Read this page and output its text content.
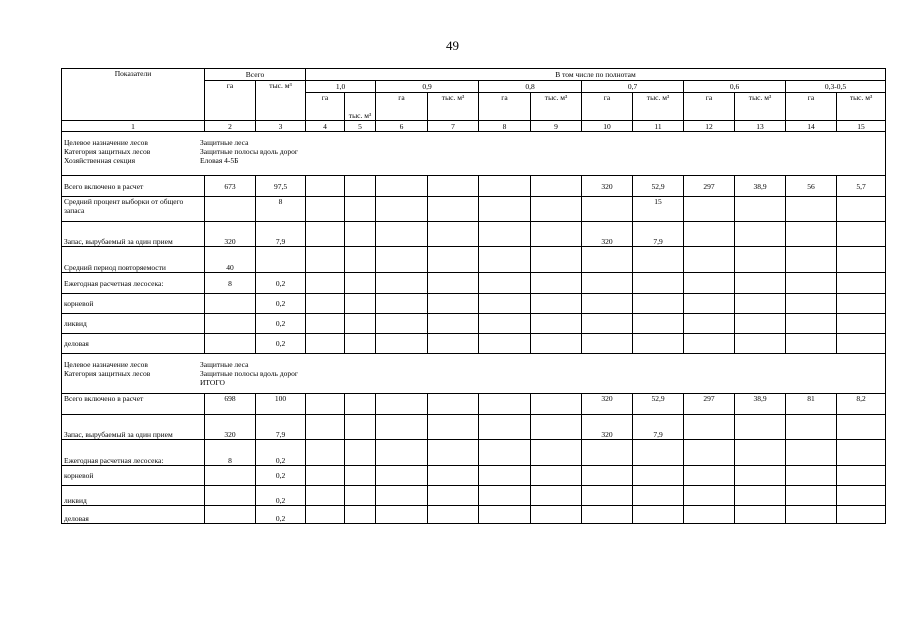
49
Показатели	Всего		В том числе по полнотам											
	га	тыс. м³	1,0		0,9		0,8		0,7		0,6		0,3-0,5	
			га	тыс. м³	га	тыс. м³	га	тыс. м³	га	тыс. м³	га	тыс. м³	га	тыс. м³
1	2	3	4	5	6	7	8	9	10	11	12	13	14	15

Целевое назначение лесов Защитные леса
Категория защитных лесов Защитные полосы вдоль дорог
Хозяйственная секция Еловая 4-5Б														

Всего включено в расчет	673	97,5							320	52,9	297	38,9	56	5,7
Средний процент выборки от общего запаса		8								15				
Запас, вырубаемый за один прием	320	7,9							320	7,9				
Средний период повторяемости	40													
Ежегодная расчетная лесосека:	8	0,2												
корневой		0,2												
ликвид		0,2												
деловая		0,2												

Целевое назначение лесов Защитные леса
Категория защитных лесов Защитные полосы вдоль дорог
ИТОГО														

Всего включено в расчет	698	100							320	52,9	297	38,9	81	8,2
Запас, вырубаемый за один прием	320	7,9							320	7,9				
Ежегодная расчетная лесосека:	8	0,2												
корневой		0,2												
ликвид		0,2												
деловая		0,2												
